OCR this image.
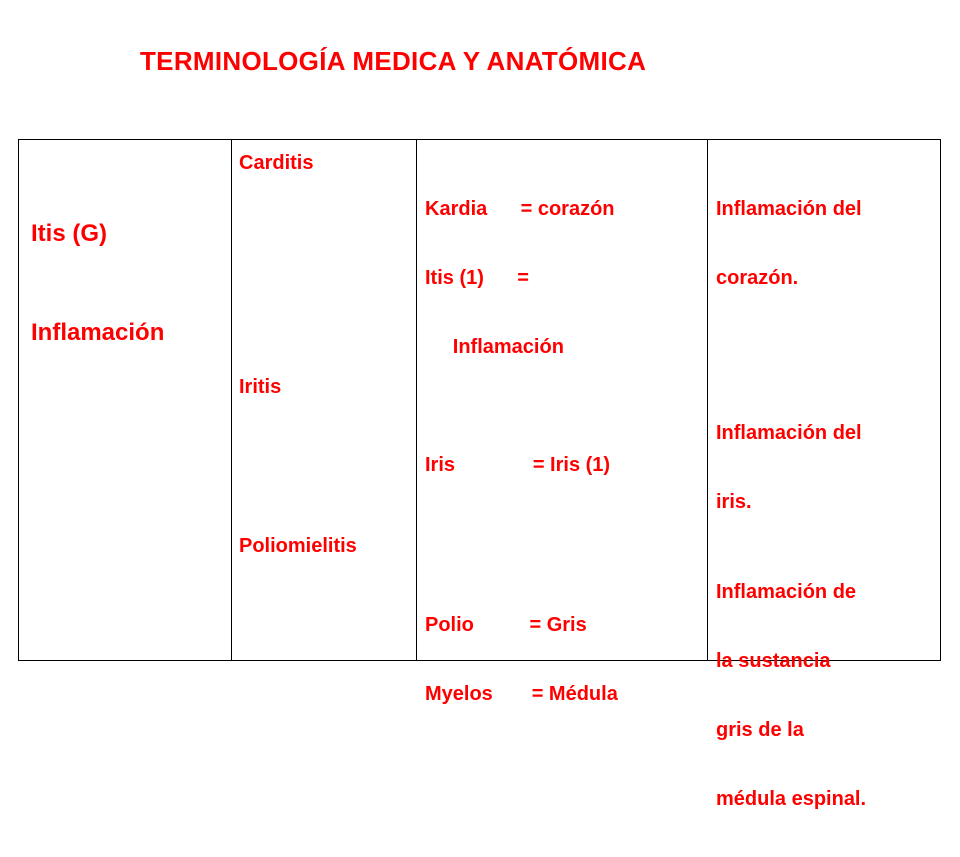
TERMINOLOGÍA MEDICA Y ANATÓMICA

Itis (G)

Inflamación

Carditis
Iritis
Poliomielitis

Kardia      = corazón

Itis (1)      =

Inflamación

Iris              = Iris (1)

Polio          = Gris

Myelos       = Médula

Inflamación del

corazón.

Inflamación del

iris.

Inflamación de

la sustancia

gris de la

médula espinal.
